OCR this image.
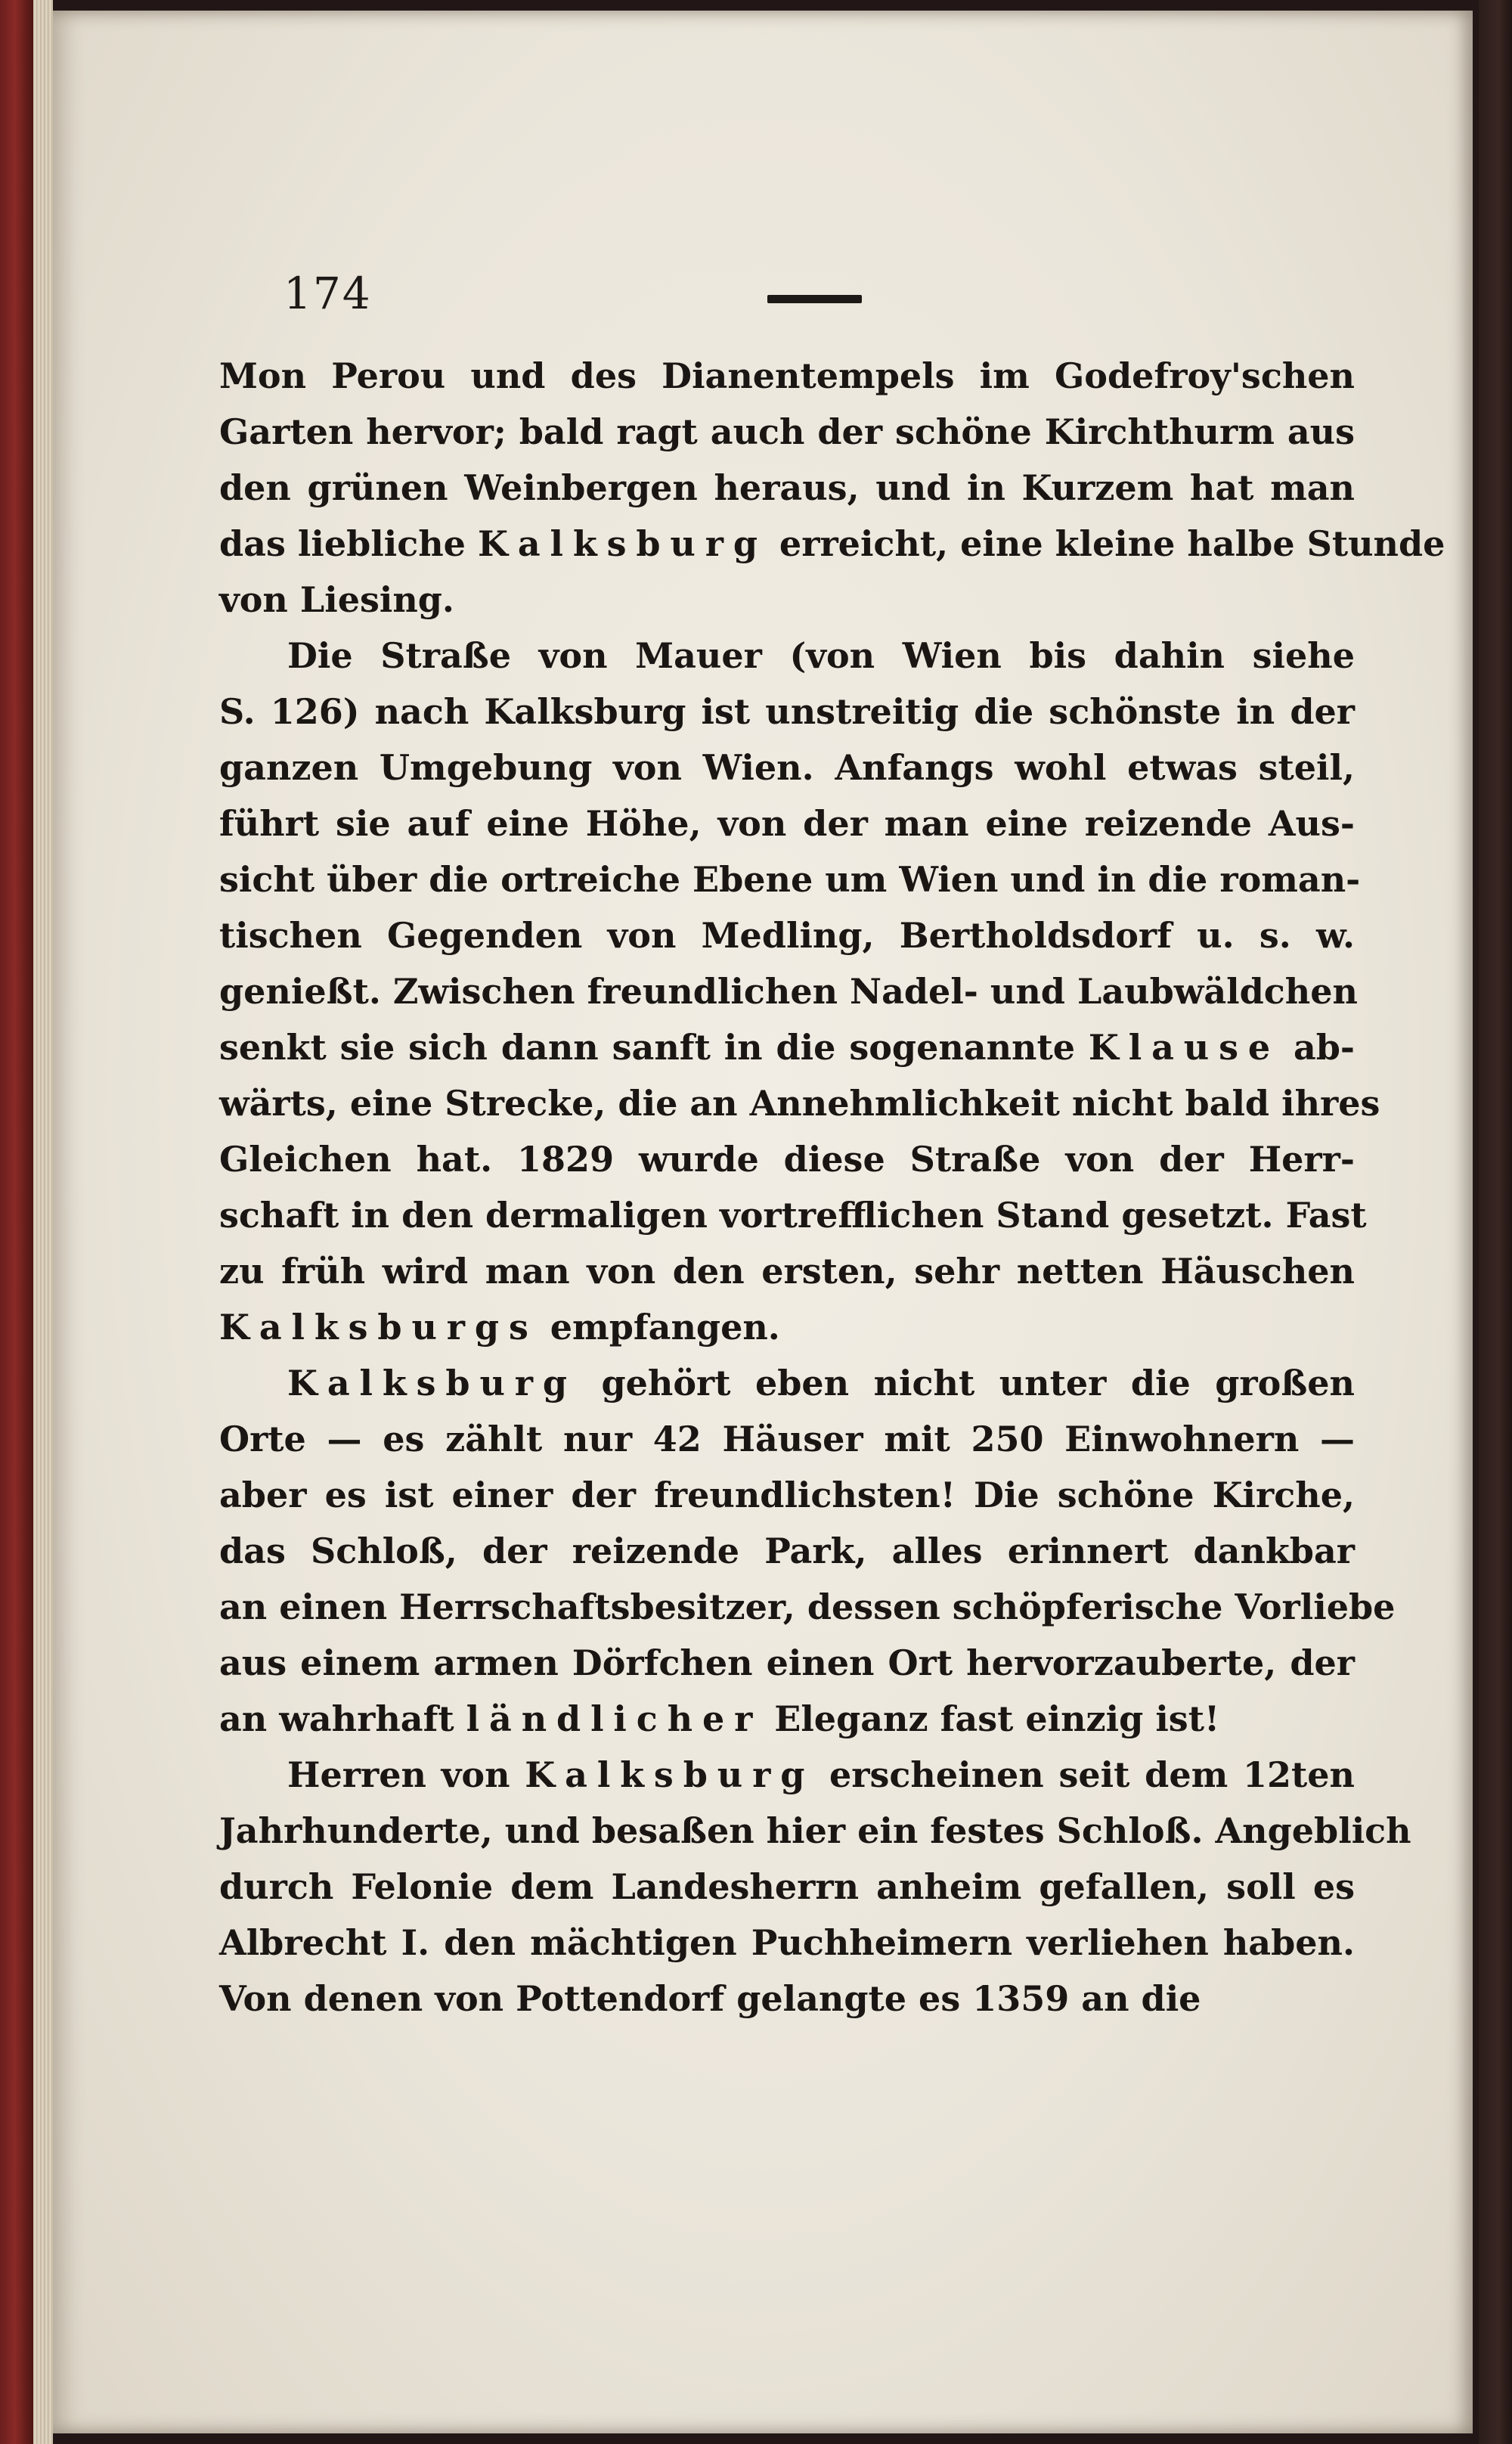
174
Mon Perou und des Dianentempels im Godefroy'schen
Garten hervor; bald ragt auch der schöne Kirchthurm aus
den grünen Weinbergen heraus, und in Kurzem hat man
das liebliche Kalksburg erreicht, eine kleine halbe Stunde
von Liesing.
Die Straße von Mauer (von Wien bis dahin siehe
S. 126) nach Kalksburg ist unstreitig die schönste in der
ganzen Umgebung von Wien. Anfangs wohl etwas steil,
führt sie auf eine Höhe, von der man eine reizende Aus-
sicht über die ortreiche Ebene um Wien und in die roman-
tischen Gegenden von Medling, Bertholdsdorf u. s. w.
genießt. Zwischen freundlichen Nadel- und Laubwäldchen
senkt sie sich dann sanft in die sogenannte Klause ab-
wärts, eine Strecke, die an Annehmlichkeit nicht bald ihres
Gleichen hat. 1829 wurde diese Straße von der Herr-
schaft in den dermaligen vortrefflichen Stand gesetzt. Fast
zu früh wird man von den ersten, sehr netten Häuschen
Kalksburgs empfangen.
Kalksburg gehört eben nicht unter die großen
Orte — es zählt nur 42 Häuser mit 250 Einwohnern —
aber es ist einer der freundlichsten! Die schöne Kirche,
das Schloß, der reizende Park, alles erinnert dankbar
an einen Herrschaftsbesitzer, dessen schöpferische Vorliebe
aus einem armen Dörfchen einen Ort hervorzauberte, der
an wahrhaft ländlicher Eleganz fast einzig ist!
Herren von Kalksburg erscheinen seit dem 12ten
Jahrhunderte, und besaßen hier ein festes Schloß. Angeblich
durch Felonie dem Landesherrn anheim gefallen, soll es
Albrecht I. den mächtigen Puchheimern verliehen haben.
Von denen von Pottendorf gelangte es 1359 an die
